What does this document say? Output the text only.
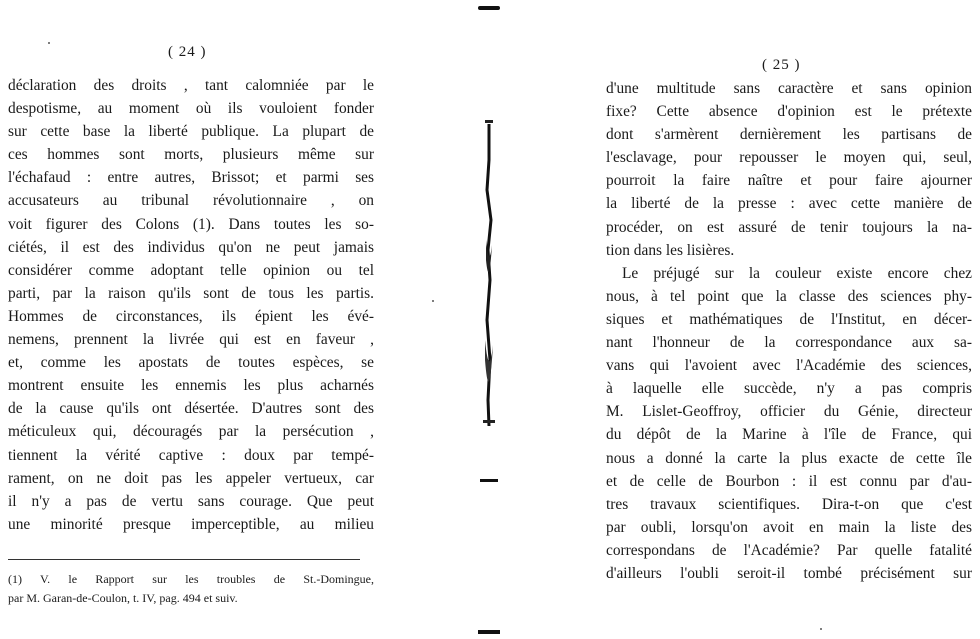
( 24 )
déclaration des droits , tant calomniée par le
despotisme, au moment où ils vouloient fonder
sur cette base la liberté publique. La plupart de
ces hommes sont morts, plusieurs même sur
l'échafaud : entre autres, Brissot; et parmi ses
accusateurs au tribunal révolutionnaire , on
voit figurer des Colons (1). Dans toutes les so-
ciétés, il est des individus qu'on ne peut jamais
considérer comme adoptant telle opinion ou tel
parti, par la raison qu'ils sont de tous les partis.
Hommes de circonstances, ils épient les évé-
nemens, prennent la livrée qui est en faveur ,
et, comme les apostats de toutes espèces, se
montrent ensuite les ennemis les plus acharnés
de la cause qu'ils ont désertée. D'autres sont des
méticuleux qui, découragés par la persécution ,
tiennent la vérité captive : doux par tempé-
rament, on ne doit pas les appeler vertueux, car
il n'y a pas de vertu sans courage. Que peut
une minorité presque imperceptible, au milieu
(1) V. le Rapport sur les troubles de St.-Domingue,
par M. Garan-de-Coulon, t. IV, pag. 494 et suiv.
( 25 )
d'une multitude sans caractère et sans opinion
fixe? Cette absence d'opinion est le prétexte
dont s'armèrent dernièrement les partisans de
l'esclavage, pour repousser le moyen qui, seul,
pourroit la faire naître et pour faire ajourner
la liberté de la presse : avec cette manière de
procéder, on est assuré de tenir toujours la na-
tion dans les lisières.
Le préjugé sur la couleur existe encore chez
nous, à tel point que la classe des sciences phy-
siques et mathématiques de l'Institut, en décer-
nant l'honneur de la correspondance aux sa-
vans qui l'avoient avec l'Académie des sciences,
à laquelle elle succède, n'y a pas compris
M. Lislet-Geoffroy, officier du Génie, directeur
du dépôt de la Marine à l'île de France, qui
nous a donné la carte la plus exacte de cette île
et de celle de Bourbon : il est connu par d'au-
tres travaux scientifiques. Dira-t-on que c'est
par oubli, lorsqu'on avoit en main la liste des
correspondans de l'Académie? Par quelle fatalité
d'ailleurs l'oubli seroit-il tombé précisément sur
